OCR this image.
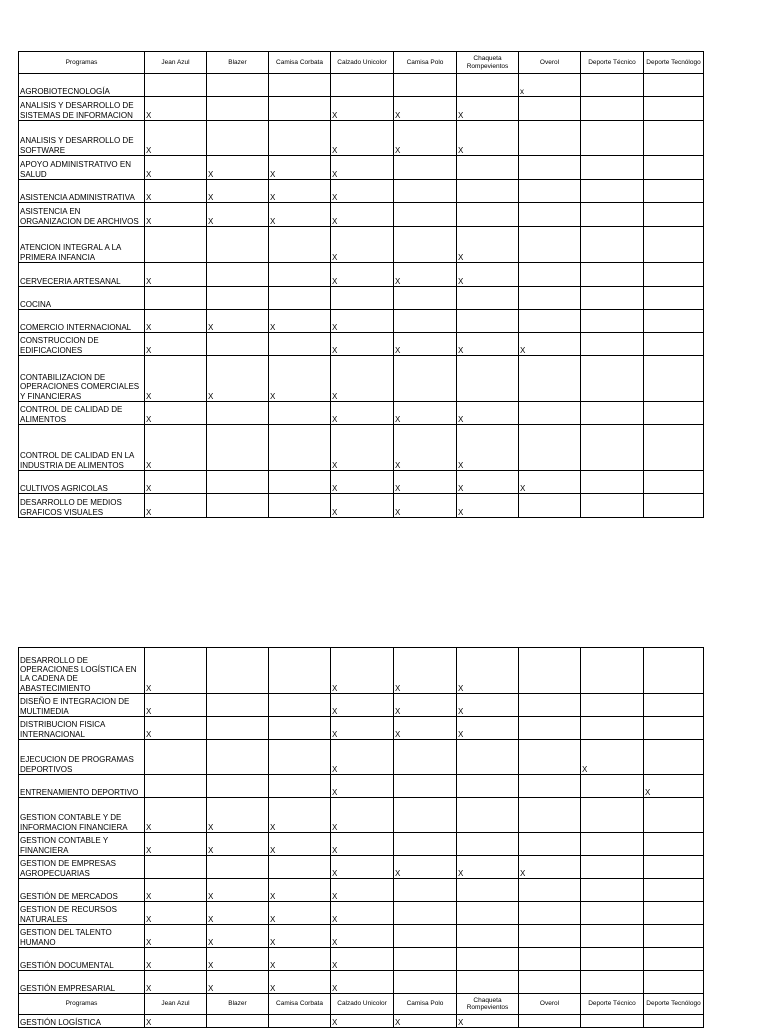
Programas	Jean Azul	Blazer	Camisa Corbata	Calzado Unicolor	Camisa Polo	Chaqueta Rompevientos	Overol	Deporte Técnico	Deporte Tecnólogo
AGROBIOTECNOLOGÍA							x		
ANALISIS Y DESARROLLO DE SISTEMAS DE INFORMACION	X			X	X	X			
ANALISIS Y DESARROLLO DE SOFTWARE	X			X	X	X			
APOYO ADMINISTRATIVO EN SALUD	X	X	X	X					
ASISTENCIA ADMINISTRATIVA	X	X	X	X					
ASISTENCIA EN ORGANIZACION DE ARCHIVOS	X	X	X	X					
ATENCION INTEGRAL A LA PRIMERA INFANCIA				X		X			
CERVECERIA ARTESANAL	X			X	X	X			
COCINA									
COMERCIO INTERNACIONAL	X	X	X	X					
CONSTRUCCION DE EDIFICACIONES	X			X	X	X	X		
CONTABILIZACION DE OPERACIONES COMERCIALES Y FINANCIERAS	X	X	X	X					
CONTROL DE CALIDAD DE ALIMENTOS	X			X	X	X			
CONTROL DE CALIDAD EN LA INDUSTRIA DE ALIMENTOS	X			X	X	X			
CULTIVOS AGRICOLAS	X			X	X	X	X		
DESARROLLO DE MEDIOS GRAFICOS VISUALES	X			X	X	X			
DESARROLLO DE OPERACIONES LOGÍSTICA EN LA CADENA DE ABASTECIMIENTO	X			X	X	X			
DISEÑO E INTEGRACION DE MULTIMEDIA	X			X	X	X			
DISTRIBUCION FISICA INTERNACIONAL	X			X	X	X			
EJECUCION DE PROGRAMAS DEPORTIVOS				X				X	
ENTRENAMIENTO DEPORTIVO				X					X
GESTION CONTABLE Y DE INFORMACION FINANCIERA	X	X	X	X					
GESTION CONTABLE Y FINANCIERA	X	X	X	X					
GESTION DE EMPRESAS AGROPECUARIAS				X	X	X	X		
GESTIÓN DE MERCADOS	X	X	X	X					
GESTION DE RECURSOS NATURALES	X	X	X	X					
GESTION DEL TALENTO HUMANO	X	X	X	X					
GESTIÓN DOCUMENTAL	X	X	X	X					
GESTIÓN EMPRESARIAL	X	X	X	X					
Programas	Jean Azul	Blazer	Camisa Corbata	Calzado Unicolor	Camisa Polo	Chaqueta Rompevientos	Overol	Deporte Técnico	Deporte Tecnólogo
GESTIÓN LOGÍSTICA	X			X	X	X			
